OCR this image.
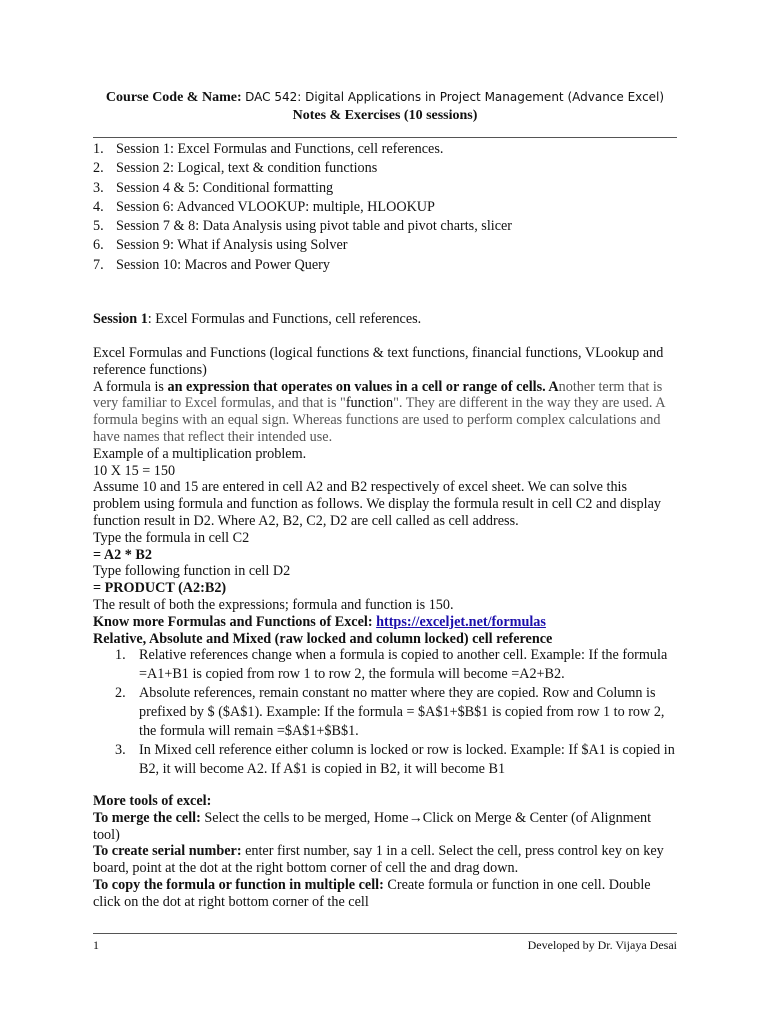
Course Code & Name: DAC 542: Digital Applications in Project Management (Advance Excel)
Notes & Exercises (10 sessions)
1. Session 1: Excel Formulas and Functions, cell references.
2. Session 2: Logical, text & condition functions
3. Session 4 & 5: Conditional formatting
4. Session 6: Advanced VLOOKUP: multiple, HLOOKUP
5. Session 7 & 8: Data Analysis using pivot table and pivot charts, slicer
6. Session 9: What if Analysis using Solver
7. Session 10: Macros and Power Query
Session 1: Excel Formulas and Functions, cell references.
Excel Formulas and Functions (logical functions & text functions, financial functions, VLookup and reference functions)
A formula is an expression that operates on values in a cell or range of cells. Another term that is very familiar to Excel formulas, and that is "function". They are different in the way they are used. A formula begins with an equal sign. Whereas functions are used to perform complex calculations and have names that reflect their intended use.
Example of a multiplication problem.
10 X 15 = 150
Assume 10 and 15 are entered in cell A2 and B2 respectively of excel sheet. We can solve this problem using formula and function as follows. We display the formula result in cell C2 and display function result in D2. Where A2, B2, C2, D2 are cell called as cell address.
Type the formula in cell C2
= A2 * B2
Type following function in cell D2
= PRODUCT (A2:B2)
The result of both the expressions; formula and function is 150.
Know more Formulas and Functions of Excel: https://exceljet.net/formulas
Relative, Absolute and Mixed (raw locked and column locked) cell reference
1. Relative references change when a formula is copied to another cell. Example: If the formula =A1+B1 is copied from row 1 to row 2, the formula will become =A2+B2.
2. Absolute references, remain constant no matter where they are copied. Row and Column is prefixed by $ ($A$1). Example: If the formula = $A$1+$B$1 is copied from row 1 to row 2, the formula will remain =$A$1+$B$1.
3. In Mixed cell reference either column is locked or row is locked. Example: If $A1 is copied in B2, it will become A2. If A$1 is copied in B2, it will become B1
More tools of excel:
To merge the cell: Select the cells to be merged, Home→Click on Merge & Center (of Alignment tool)
To create serial number: enter first number, say 1 in a cell. Select the cell, press control key on key board, point at the dot at the right bottom corner of cell the and drag down.
To copy the formula or function in multiple cell: Create formula or function in one cell. Double click on the dot at right bottom corner of the cell
1	Developed by Dr. Vijaya Desai
